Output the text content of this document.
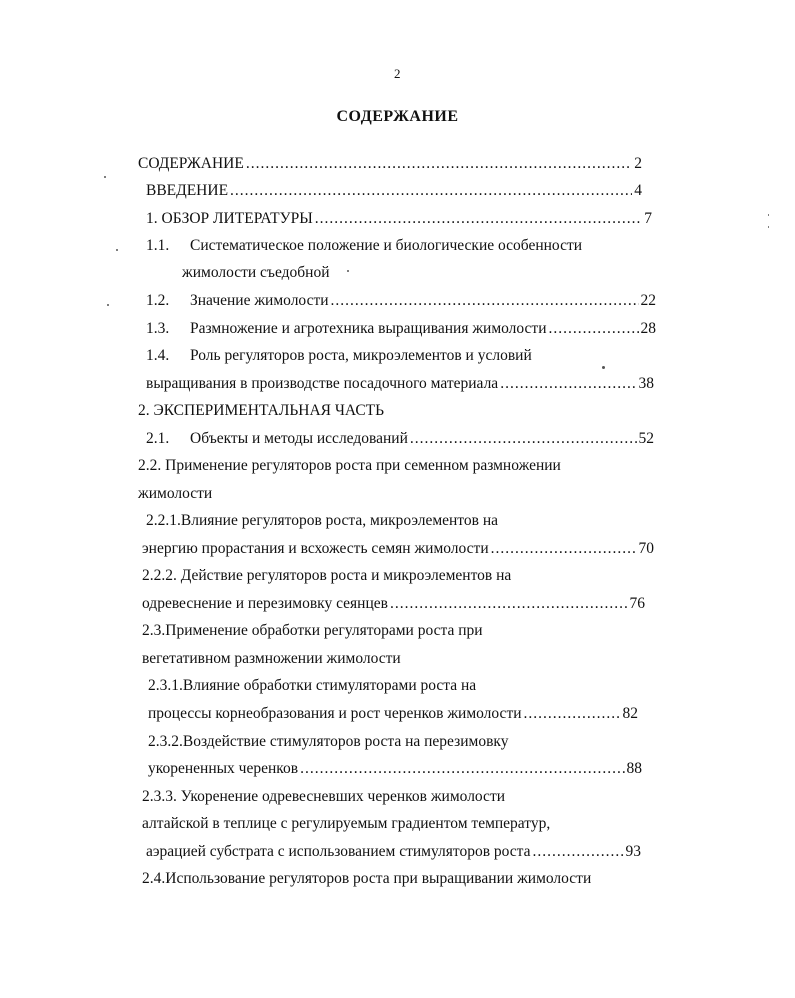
2
СОДЕРЖАНИЕ
СОДЕРЖАНИЕ .....	2
ВВЕДЕНИЕ .....	4
1. ОБЗОР ЛИТЕРАТУРЫ .....	7
1.1. Систематическое положение и биологические особенности
жимолости съедобной
1.2. Значение жимолости .....	22
1.3. Размножение и агротехника выращивания жимолости .....	28
1.4. Роль регуляторов роста, микроэлементов и условий
выращивания в производстве посадочного материала .....	38
2. ЭКСПЕРИМЕНТАЛЬНАЯ ЧАСТЬ
2.1. Объекты и методы исследований .....	52
2.2. Применение регуляторов роста при семенном размножении
жимолости
2.2.1.Влияние регуляторов роста, микроэлементов на
энергию прорастания и всхожесть семян жимолости .....	70
2.2.2. Действие регуляторов роста и микроэлементов на
одревеснение и перезимовку сеянцев .....	76
2.3.Применение обработки регуляторами роста при
вегетативном размножении жимолости
2.3.1.Влияние обработки стимуляторами роста на
процессы корнеобразования и рост черенков жимолости .....	82
2.3.2.Воздействие стимуляторов роста на перезимовку
укорененных черенков .....	88
2.3.3. Укоренение одревесневших черенков жимолости
алтайской в теплице с регулируемым градиентом температур,
аэрацией субстрата с использованием стимуляторов роста .....	93
2.4.Использование регуляторов роста при выращивании жимолости
